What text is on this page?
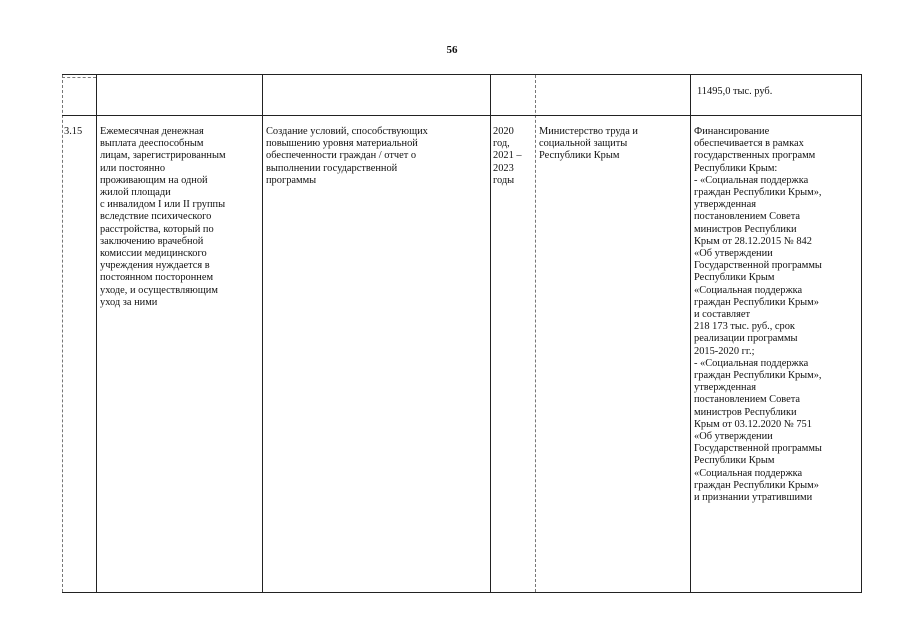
56
11495,0 тыс. руб.
3.15	Ежемесячная денежная
выплата дееспособным
лицам, зарегистрированным
или постоянно
проживающим на одной
жилой площади
с инвалидом I или II группы
вследствие психического
расстройства, который по
заключению врачебной
комиссии медицинского
учреждения нуждается в
постоянном постороннем
уходе, и осуществляющим
уход за ними
Создание условий, способствующих
повышению уровня материальной
обеспеченности граждан / отчет о
выполнении государственной
программы
2020
год,
2021 –
2023
годы
Министерство труда и
социальной защиты
Республики Крым
Финансирование
обеспечивается в рамках
государственных программ
Республики Крым:
- «Социальная поддержка
граждан Республики Крым»,
утвержденная
постановлением Совета
министров Республики
Крым от 28.12.2015 № 842
«Об утверждении
Государственной программы
Республики Крым
«Социальная поддержка
граждан Республики Крым»
и составляет
218 173 тыс. руб., срок
реализации программы
2015-2020 гг.;
- «Социальная поддержка
граждан Республики Крым»,
утвержденная
постановлением Совета
министров Республики
Крым от 03.12.2020 № 751
«Об утверждении
Государственной программы
Республики Крым
«Социальная поддержка
граждан Республики Крым»
и признании утратившими
